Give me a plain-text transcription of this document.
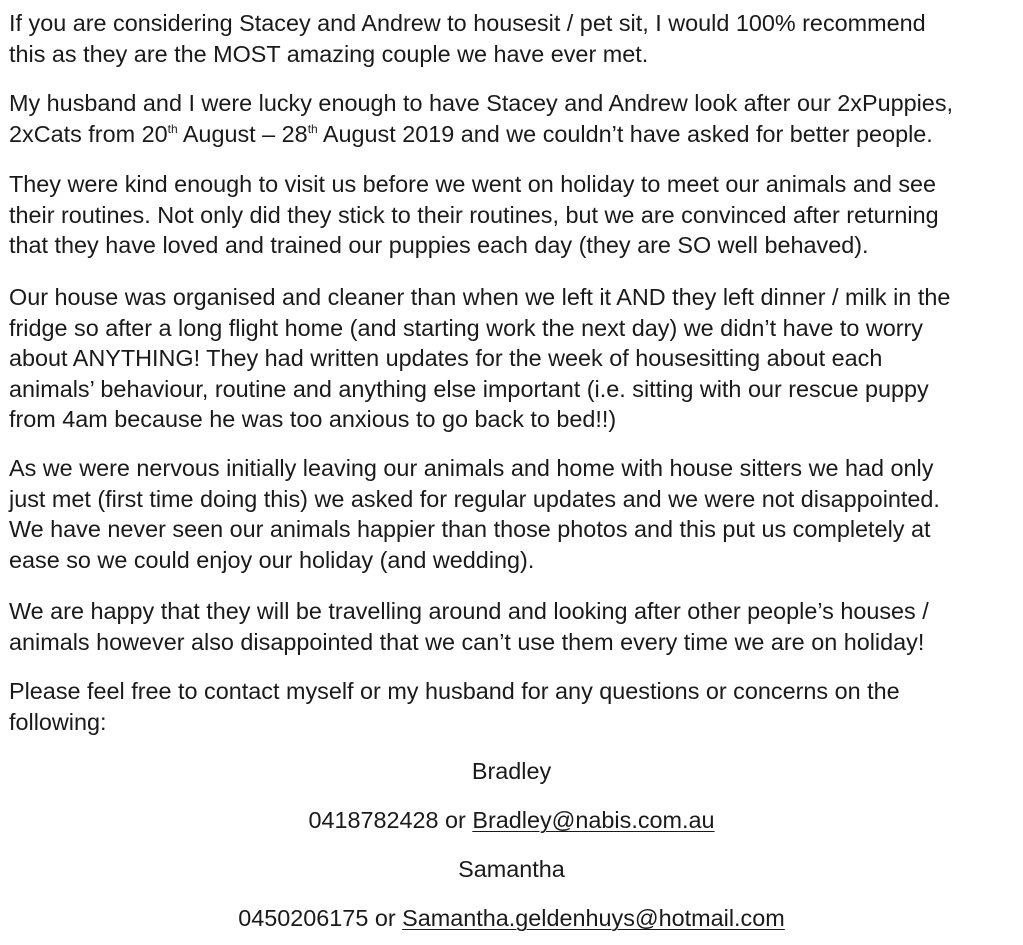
If you are considering Stacey and Andrew to housesit / pet sit, I would 100% recommend
this as they are the MOST amazing couple we have ever met.

My husband and I were lucky enough to have Stacey and Andrew look after our 2xPuppies,
2xCats from 20th August – 28th August 2019 and we couldn’t have asked for better people.

They were kind enough to visit us before we went on holiday to meet our animals and see
their routines. Not only did they stick to their routines, but we are convinced after returning
that they have loved and trained our puppies each day (they are SO well behaved).

Our house was organised and cleaner than when we left it AND they left dinner / milk in the
fridge so after a long flight home (and starting work the next day) we didn’t have to worry
about ANYTHING! They had written updates for the week of housesitting about each
animals’ behaviour, routine and anything else important (i.e. sitting with our rescue puppy
from 4am because he was too anxious to go back to bed!!)

As we were nervous initially leaving our animals and home with house sitters we had only
just met (first time doing this) we asked for regular updates and we were not disappointed.
We have never seen our animals happier than those photos and this put us completely at
ease so we could enjoy our holiday (and wedding).

We are happy that they will be travelling around and looking after other people’s houses /
animals however also disappointed that we can’t use them every time we are on holiday!

Please feel free to contact myself or my husband for any questions or concerns on the
following:

Bradley
0418782428 or Bradley@nabis.com.au
Samantha
0450206175 or Samantha.geldenhuys@hotmail.com
